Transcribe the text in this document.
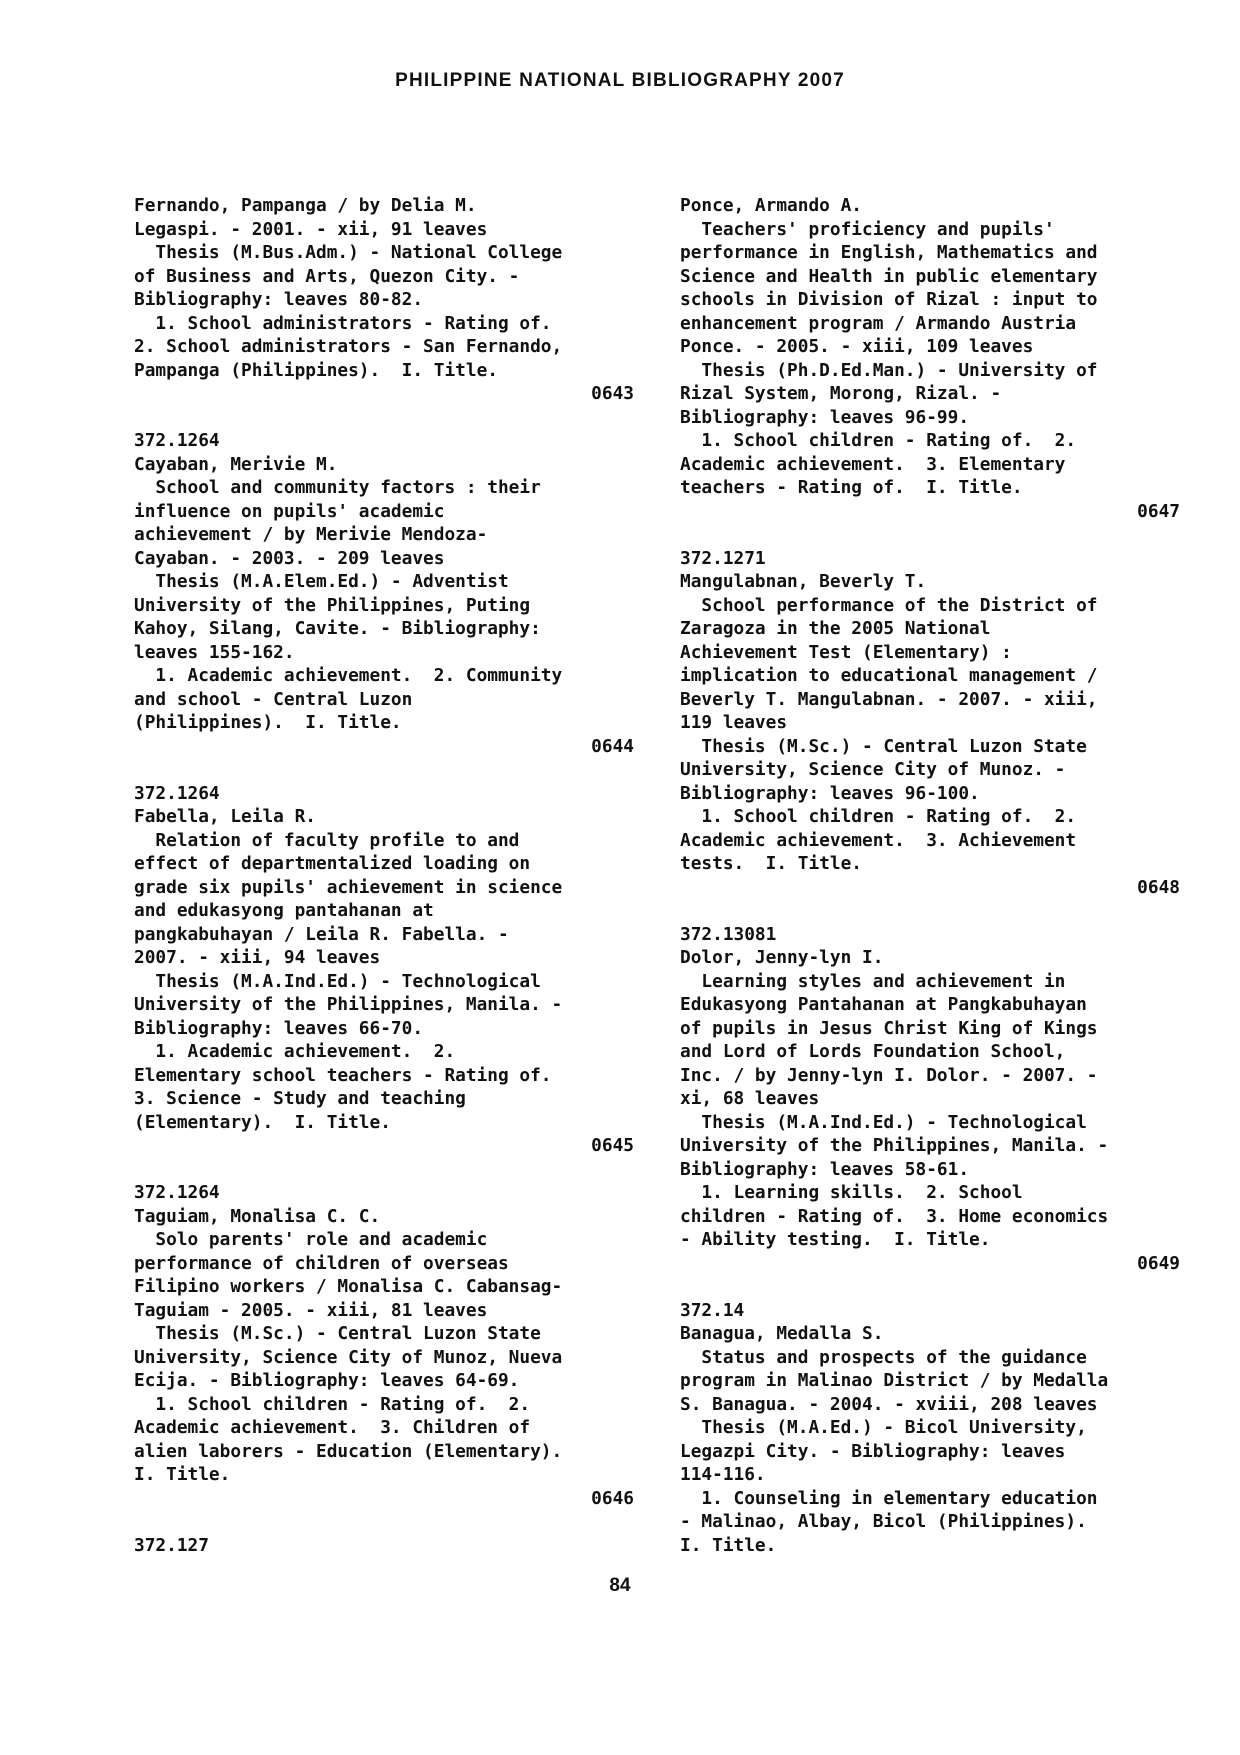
PHILIPPINE NATIONAL BIBLIOGRAPHY 2007
Fernando, Pampanga / by Delia M.
Legaspi. - 2001. - xii, 91 leaves
Thesis (M.Bus.Adm.) - National College
of Business and Arts, Quezon City. -
Bibliography: leaves 80-82.
1. School administrators - Rating of.
2. School administrators - San Fernando,
Pampanga (Philippines).  I. Title.
0643
372.1264
Cayaban, Merivie M.
School and community factors : their
influence on pupils' academic
achievement / by Merivie Mendoza-
Cayaban. - 2003. - 209 leaves
Thesis (M.A.Elem.Ed.) - Adventist
University of the Philippines, Puting
Kahoy, Silang, Cavite. - Bibliography:
leaves 155-162.
1. Academic achievement.  2. Community
and school - Central Luzon
(Philippines).  I. Title.
0644
372.1264
Fabella, Leila R.
Relation of faculty profile to and
effect of departmentalized loading on
grade six pupils' achievement in science
and edukasyong pantahanan at
pangkabuhayan / Leila R. Fabella. -
2007. - xiii, 94 leaves
Thesis (M.A.Ind.Ed.) - Technological
University of the Philippines, Manila. -
Bibliography: leaves 66-70.
1. Academic achievement.  2.
Elementary school teachers - Rating of.
3. Science - Study and teaching
(Elementary).  I. Title.
0645
372.1264
Taguiam, Monalisa C. C.
Solo parents' role and academic
performance of children of overseas
Filipino workers / Monalisa C. Cabansag-
Taguiam - 2005. - xiii, 81 leaves
Thesis (M.Sc.) - Central Luzon State
University, Science City of Munoz, Nueva
Ecija. - Bibliography: leaves 64-69.
1. School children - Rating of.  2.
Academic achievement.  3. Children of
alien laborers - Education (Elementary).
I. Title.
0646
372.127
Ponce, Armando A.
Teachers' proficiency and pupils'
performance in English, Mathematics and
Science and Health in public elementary
schools in Division of Rizal : input to
enhancement program / Armando Austria
Ponce. - 2005. - xiii, 109 leaves
Thesis (Ph.D.Ed.Man.) - University of
Rizal System, Morong, Rizal. -
Bibliography: leaves 96-99.
1. School children - Rating of.  2.
Academic achievement.  3. Elementary
teachers - Rating of.  I. Title.
0647
372.1271
Mangulabnan, Beverly T.
School performance of the District of
Zaragoza in the 2005 National
Achievement Test (Elementary) :
implication to educational management /
Beverly T. Mangulabnan. - 2007. - xiii,
119 leaves
Thesis (M.Sc.) - Central Luzon State
University, Science City of Munoz. -
Bibliography: leaves 96-100.
1. School children - Rating of.  2.
Academic achievement.  3. Achievement
tests.  I. Title.
0648
372.13081
Dolor, Jenny-lyn I.
Learning styles and achievement in
Edukasyong Pantahanan at Pangkabuhayan
of pupils in Jesus Christ King of Kings
and Lord of Lords Foundation School,
Inc. / by Jenny-lyn I. Dolor. - 2007. -
xi, 68 leaves
Thesis (M.A.Ind.Ed.) - Technological
University of the Philippines, Manila. -
Bibliography: leaves 58-61.
1. Learning skills.  2. School
children - Rating of.  3. Home economics
- Ability testing.  I. Title.
0649
372.14
Banagua, Medalla S.
Status and prospects of the guidance
program in Malinao District / by Medalla
S. Banagua. - 2004. - xviii, 208 leaves
Thesis (M.A.Ed.) - Bicol University,
Legazpi City. - Bibliography: leaves
114-116.
1. Counseling in elementary education
- Malinao, Albay, Bicol (Philippines).
I. Title.
84
